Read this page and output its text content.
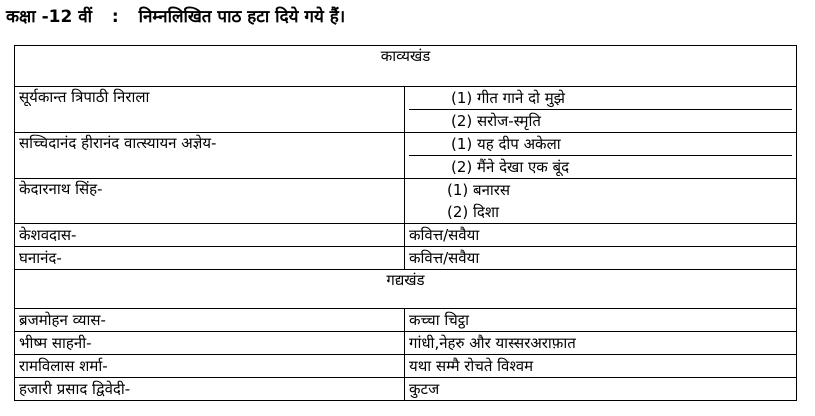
कक्षा -12 वीं : निम्नलिखित पाठ हटा दिये गये हैं।
काव्यखंड	
सूर्यकान्त त्रिपाठी निराला	(1) गीत गाने दो मुझे
(2) सरोज-स्मृति

सच्चिदानंद हीरानंद वात्स्यायन अज्ञेय-	(1) यह दीप अकेला
(2) मैंने देखा एक बूंद

केदारनाथ सिंह-	(1) बनारस
(2) दिशा

केशवदास-	कवित्त/सवैया
घनानंद-	कवित्त/सवैया
गद्यखंड	
ब्रजमोहन व्यास-	कच्चा चिट्ठा
भीष्म साहनी-	गांधी,नेहरु और यास्सरअराफ़ात
रामविलास शर्मा-	यथा सम्मै रोचते विश्वम
हजारी प्रसाद द्विवेदी-	कुटज
